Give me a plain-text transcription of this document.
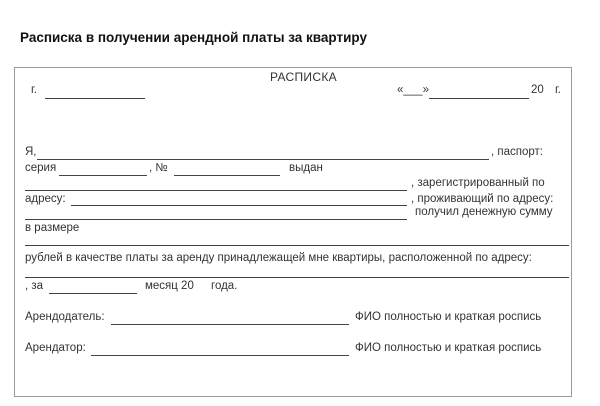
Расписка в получении арендной платы за квартиру
РАСПИСКА
г.	«___»	20 г.
Я,	, паспорт:
серия	, №	выдан
, зарегистрированный по
адресу:	, проживающий по адресу:
получил денежную сумму
в размере
рублей в качестве платы за аренду принадлежащей мне квартиры, расположенной по адресу:
, за	месяц 20 года.
Арендодатель:	ФИО полностью и краткая роспись
Арендатор:	ФИО полностью и краткая роспись
